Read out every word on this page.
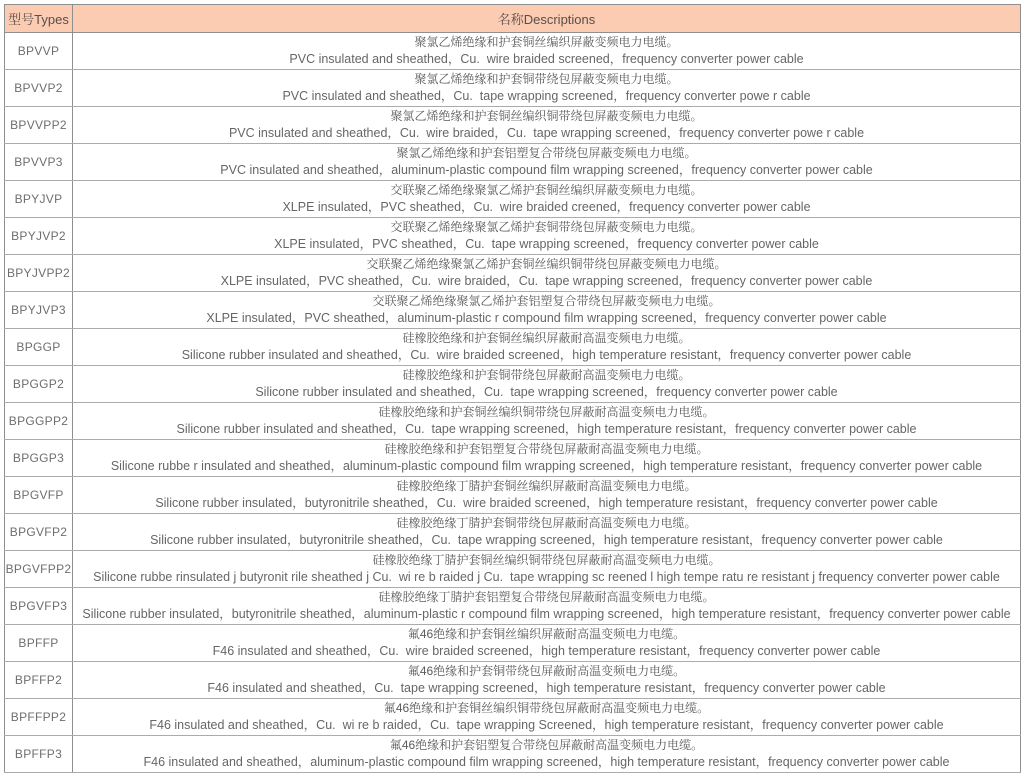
型号Types	名称Descriptions
BPVVP	聚氯乙烯绝缘和护套铜丝编织屏蔽变频电力电缆。
PVC insulated and sheathed，Cu.  wire braided screened，frequency converter power cable

BPVVP2	聚氯乙烯绝缘和护套铜带绕包屏蔽变频电力电缆。
PVC insulated and sheathed，Cu.  tape wrapping screened，frequency converter powe r cable

BPVVPP2	聚氯乙烯绝缘和护套铜丝编织铜带绕包屏蔽变频电力电缆。
PVC insulated and sheathed，Cu.  wire braided，Cu.  tape wrapping screened，frequency converter powe r cable

BPVVP3	聚氯乙烯绝缘和护套铝塑复合带绕包屏蔽变频电力电缆。
PVC insulated and sheathed，aluminum-plastic compound film wrapping screened，frequency converter power cable

BPYJVP	交联聚乙烯绝缘聚氯乙烯护套铜丝编织屏蔽变频电力电缆。
XLPE insulated，PVC sheathed，Cu.  wire braided creened，frequency converter power cable

BPYJVP2	交联聚乙烯绝缘聚氯乙烯护套铜带绕包屏蔽变频电力电缆。
XLPE insulated，PVC sheathed，Cu.  tape wrapping screened，frequency converter power cable

BPYJVPP2	交联聚乙烯绝缘聚氯乙烯护套铜丝编织铜带绕包屏蔽变频电力电缆。
XLPE insulated，PVC sheathed，Cu.  wire braided，Cu.  tape wrapping screened，frequency converter power cable

BPYJVP3	交联聚乙烯绝缘聚氯乙烯护套铝塑复合带绕包屏蔽变频电力电缆。
XLPE insulated，PVC sheathed，aluminum-plastic r compound film wrapping screened，frequency converter power cable

BPGGP	硅橡胶绝缘和护套铜丝编织屏蔽耐高温变频电力电缆。
Silicone rubber insulated and sheathed，Cu.  wire braided screened，high temperature resistant，frequency converter power cable

BPGGP2	硅橡胶绝缘和护套铜带绕包屏蔽耐高温变频电力电缆。
Silicone rubber insulated and sheathed，Cu.  tape wrapping screened，frequency converter power cable

BPGGPP2	硅橡胶绝缘和护套铜丝编织铜带绕包屏蔽耐高温变频电力电缆。
Silicone rubber insulated and sheathed，Cu.  tape wrapping screened，high temperature resistant，frequency converter power cable

BPGGP3	硅橡胶绝缘和护套铝塑复合带绕包屏蔽耐高温变频电力电缆。
Silicone rubbe r insulated and sheathed，aluminum-plastic compound film wrapping screened，high temperature resistant，frequency converter power cable

BPGVFP	硅橡胶绝缘丁腈护套铜丝编织屏蔽耐高温变频电力电缆。
Silicone rubber insulated，butyronitrile sheathed，Cu.  wire braided screened，high temperature resistant，frequency converter power cable

BPGVFP2	硅橡胶绝缘丁腈护套铜带绕包屏蔽耐高温变频电力电缆。
Silicone rubber insulated，butyronitrile sheathed，Cu.  tape wrapping screened，high temperature resistant，frequency converter power cable

BPGVFPP2	硅橡胶绝缘丁腈护套铜丝编织铜带绕包屏蔽耐高温变频电力电缆。
Silicone rubbe rinsulated j butyronit rile sheathed j Cu.  wi re b raided j Cu.  tape wrapping sc reened l high tempe ratu re resistant j frequency converter power cable

BPGVFP3	硅橡胶绝缘丁腈护套铝塑复合带绕包屏蔽耐高温变频电力电缆。
Silicone rubber insulated，butyronitrile sheathed，aluminum-plastic r compound film wrapping screened，high temperature resistant，frequency converter power cable

BPFFP	氟46绝缘和护套铜丝编织屏蔽耐高温变频电力电缆。
F46 insulated and sheathed，Cu.  wire braided screened，high temperature resistant，frequency converter power cable

BPFFP2	氟46绝缘和护套铜带绕包屏蔽耐高温变频电力电缆。
F46 insulated and sheathed，Cu.  tape wrapping screened，high temperature resistant，frequency converter power cable

BPFFPP2	氟46绝缘和护套铜丝编织铜带绕包屏蔽耐高温变频电力电缆。
F46 insulated and sheathed，Cu.  wi re b raided，Cu.  tape wrapping Screened，high temperature resistant，frequency converter power cable

BPFFP3	氟46绝缘和护套铝塑复合带绕包屏蔽耐高温变频电力电缆。
F46 insulated and sheathed，aluminum-plastic compound film wrapping screened，high temperature resistant，frequency converter power cable
